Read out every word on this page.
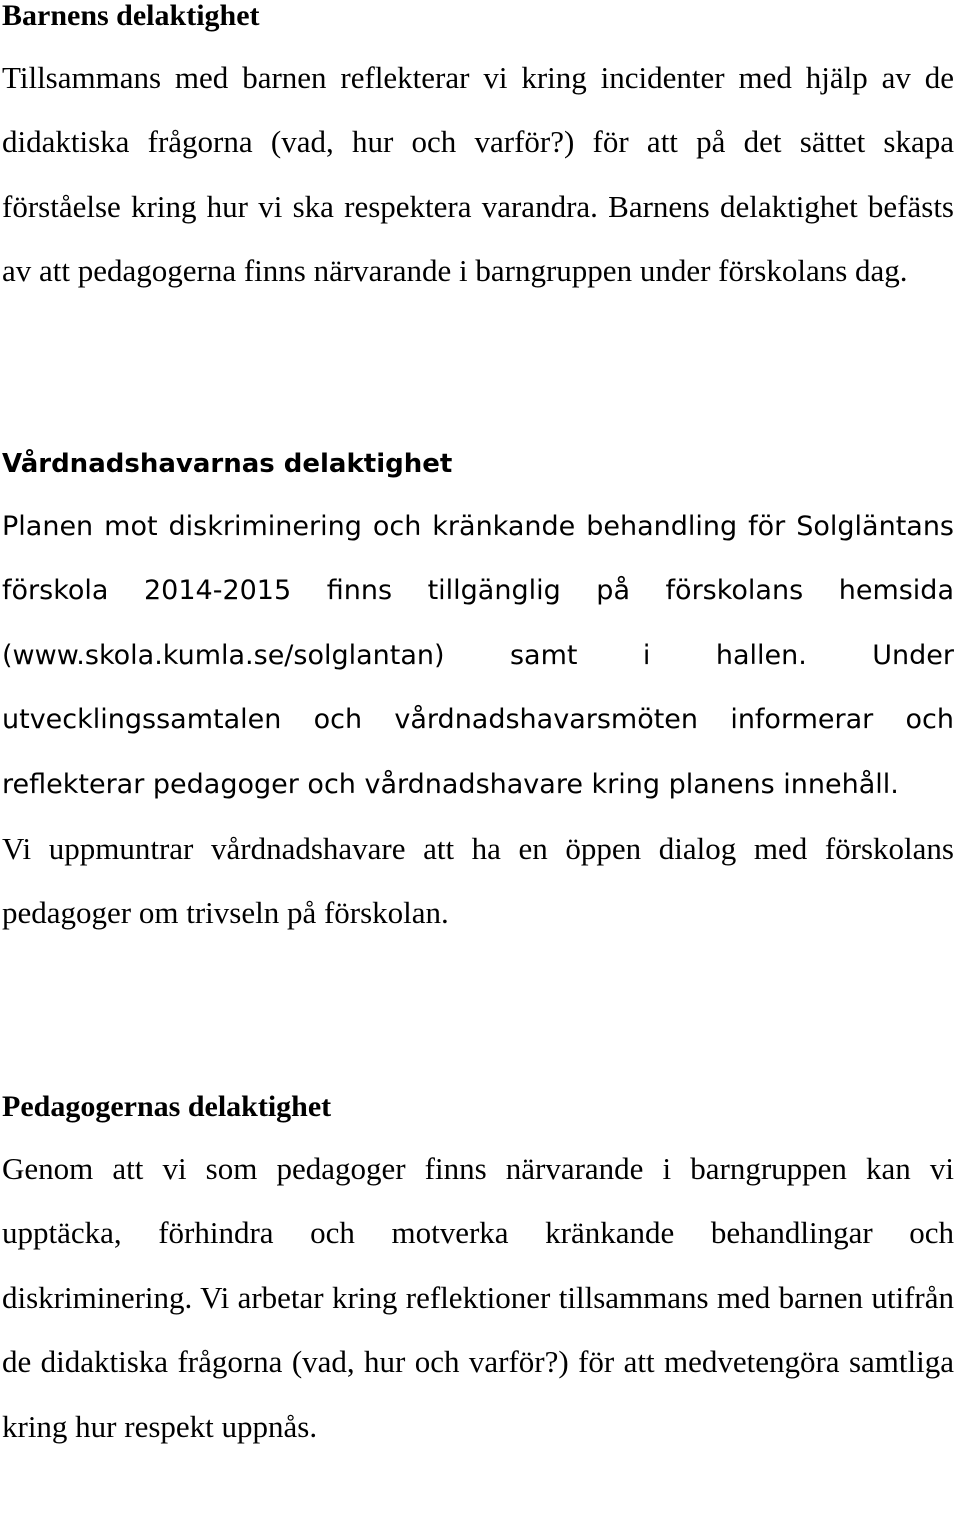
Barnens delaktighet

Tillsammans med barnen reflekterar vi kring incidenter med hjälp av de didaktiska frågorna (vad, hur och varför?) för att på det sättet skapa förståelse kring hur vi ska respektera varandra. Barnens delaktighet befästs av att pedagogerna finns närvarande i barngruppen under förskolans dag.

Vårdnadshavarnas delaktighet

Planen mot diskriminering och kränkande behandling för Solgläntans förskola 2014-2015 finns tillgänglig på förskolans hemsida (www.skola.kumla.se/solglantan) samt i hallen. Under utvecklingssamtalen och vårdnadshavarsmöten informerar och reflekterar pedagoger och vårdnadshavare kring planens innehåll.

Vi uppmuntrar vårdnadshavare att ha en öppen dialog med förskolans pedagoger om trivseln på förskolan.

Pedagogernas delaktighet

Genom att vi som pedagoger finns närvarande i barngruppen kan vi upptäcka, förhindra och motverka kränkande behandlingar och diskriminering. Vi arbetar kring reflektioner tillsammans med barnen utifrån de didaktiska frågorna (vad, hur och varför?) för att medvetengöra samtliga kring hur respekt uppnås.
